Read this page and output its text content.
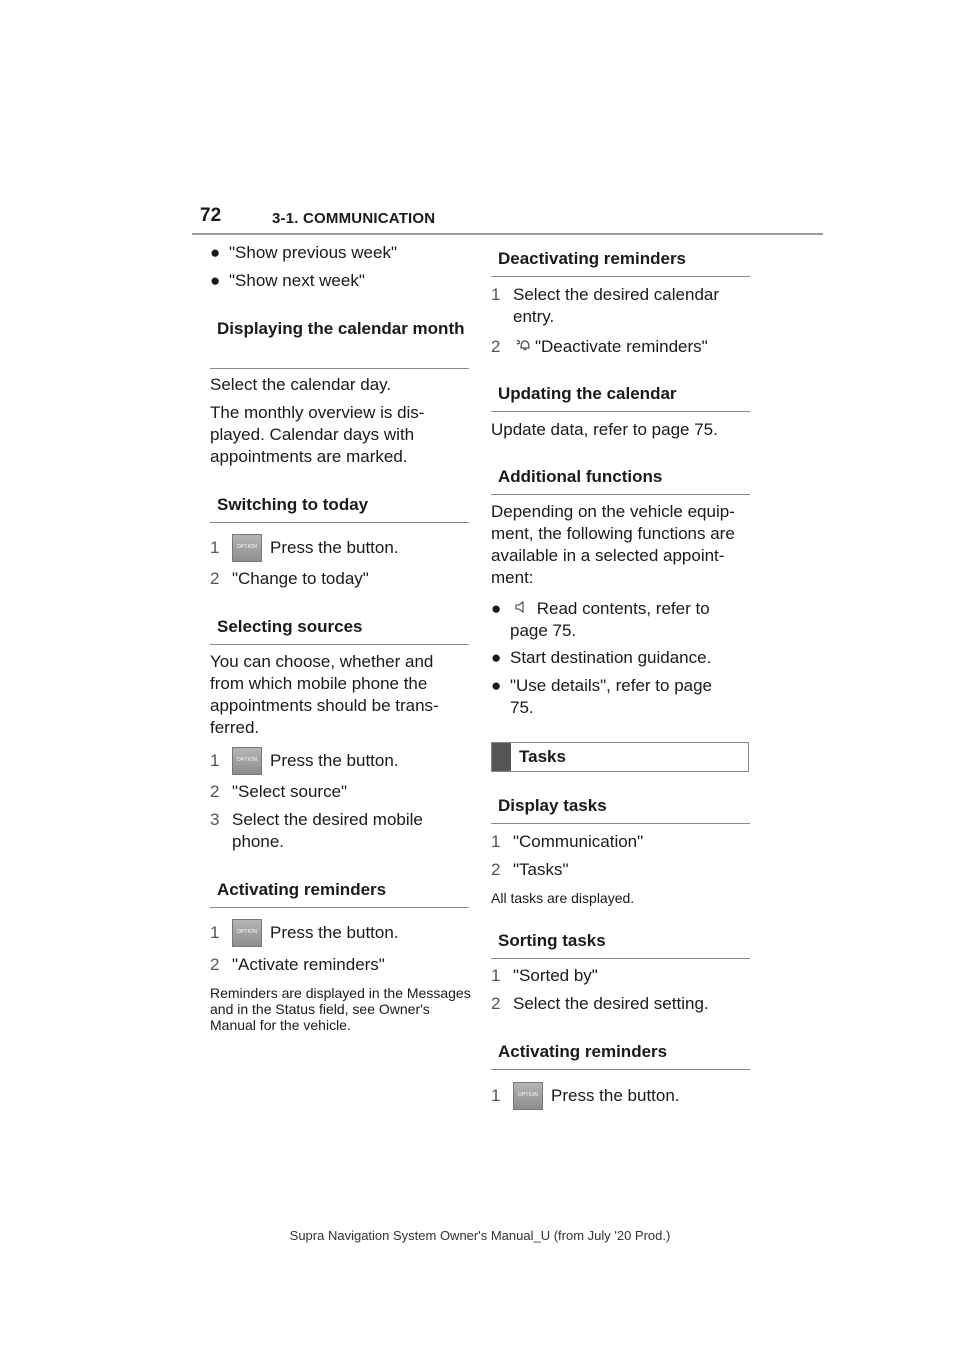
72	3-1. COMMUNICATION
● "Show previous week"
● "Show next week"
Displaying the calendar month
Select the calendar day.
The monthly overview is dis-played. Calendar days with appointments are marked.
Switching to today
1	OPTION Press the button.
2 "Change to today"
Selecting sources
You can choose, whether and from which mobile phone the appointments should be trans-ferred.
1	OPTION Press the button.
2 "Select source"
3 Select the desired mobile phone.
Activating reminders
1	OPTION Press the button.
2 "Activate reminders"
Reminders are displayed in the Messages and in the Status field, see Owner's Manual for the vehicle.
Deactivating reminders
1 Select the desired calendar entry.
2	"Deactivate reminders"
Updating the calendar
Update data, refer to page 75.
Additional functions
Depending on the vehicle equip-ment, the following functions are available in a selected appoint-ment:
●	Read contents, refer to page 75.
● Start destination guidance.
● "Use details", refer to page 75.
Tasks
Display tasks
1 "Communication"
2 "Tasks"
All tasks are displayed.
Sorting tasks
1 "Sorted by"
2 Select the desired setting.
Activating reminders
1	OPTION Press the button.
Supra Navigation System Owner's Manual_U (from July '20 Prod.)
